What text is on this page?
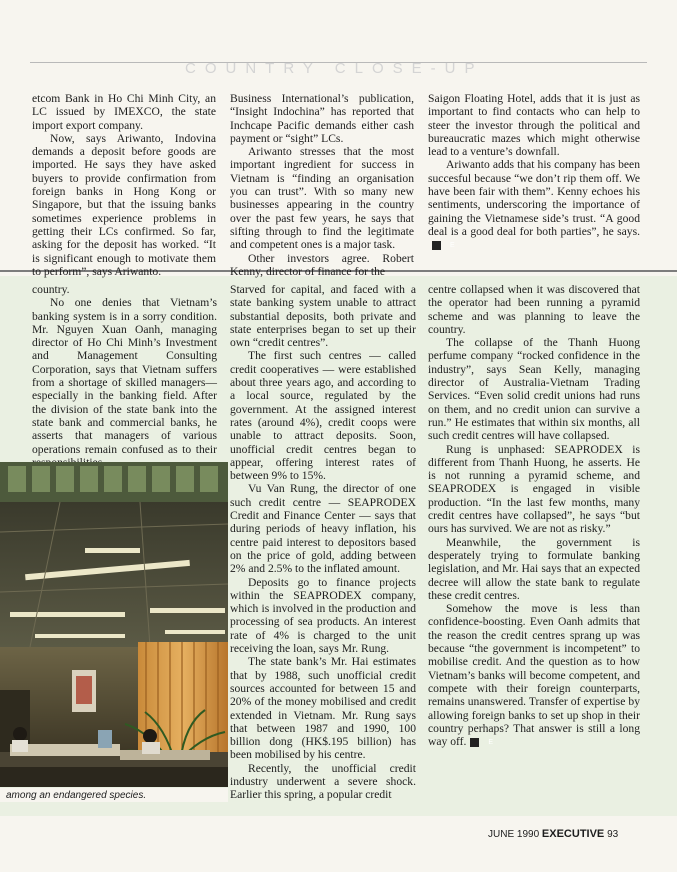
COUNTRY CLOSE-UP

etcom Bank in Ho Chi Minh City, an LC issued by IMEXCO, the state import export company.

Now, says Ariwanto, Indovina demands a deposit before goods are imported. He says they have asked buyers to provide confirmation from foreign banks in Hong Kong or Singapore, but that the issuing banks sometimes experience problems in getting their LCs confirmed. So far, asking for the deposit has worked. “It is significant enough to motivate them to perform”, says Ariwanto.

Business International’s publication, “Insight Indochina” has reported that Inchcape Pacific demands either cash payment or “sight” LCs.

Ariwanto stresses that the most important ingredient for success in Vietnam is “finding an organisation you can trust”. With so many new businesses appearing in the country over the past few years, he says that sifting through to find the legitimate and competent ones is a major task.

Other investors agree. Robert Kenny, director of finance for the

Saigon Floating Hotel, adds that it is just as important to find contacts who can help to steer the investor through the political and bureaucratic mazes which might otherwise lead to a venture’s downfall.

Ariwanto adds that his company has been succesful because “we don’t rip them off. We have been fair with them”. Kenny echoes his sentiments, underscoring the importance of gaining the Vietnamese side’s trust. “A good deal is a good deal for both parties”, he says.E

country.

No one denies that Vietnam’s banking system is in a sorry condition. Mr. Nguyen Xuan Oanh, managing director of Ho Chi Minh’s Investment and Management Consulting Corporation, says that Vietnam suffers from a shortage of skilled managers—especially in the banking field. After the division of the state bank into the state bank and commercial banks, he asserts that managers of various operations remain confused as to their

Starved for capital, and faced with a state banking system unable to attract substantial deposits, both private and state enterprises began to set up their own “credit centres”.

The first such centres — called credit cooperatives — were established about three years ago, and according to a local source, regulated by the government. At the assigned interest rates (around 4%), credit coops were unable to attract deposits. Soon, unofficial credit centres began to appear, offering interest rates of between 9% to 15%.

Vu Van Rung, the director of one such credit centre — SEAPRODEX Credit and Finance Center — says that during periods of heavy inflation, his centre paid interest to depositors based on the price of gold, adding between 2% and 2.5% to the inflated amount.

Deposits go to finance projects within the SEAPRODEX company, which is involved in the production and processing of sea products. An interest rate of 4% is charged to the unit receiving the loan, says Mr. Rung.

The state bank’s Mr. Hai estimates that by 1988, such unofficial credit sources accounted for between 15 and 20% of the money mobilised and credit extended in Vietnam. Mr. Rung says that between 1987 and 1990, 100 billion dong (HK$.195 billion) has been mobilised by his centre.

Recently, the unofficial credit industry underwent a severe shock. Earlier this spring, a popular credit

centre collapsed when it was discovered that the operator had been running a pyramid scheme and was planning to leave the country.

The collapse of the Thanh Huong perfume company “rocked confidence in the industry”, says Sean Kelly, managing director of Australia-Vietnam Trading Services. “Even solid credit unions had runs on them, and no credit union can survive a run.” He estimates that within six months, all such credit centres will have collapsed.

Rung is unphased: SEAPRODEX is different from Thanh Huong, he asserts. He is not running a pyramid scheme, and SEAPRODEX is engaged in visible production. “In the last few months, many credit centres have collapsed”, he says “but ours has survived. We are not as risky.”

Meanwhile, the government is desperately trying to formulate banking legislation, and Mr. Hai says that an expected decree will allow the state bank to regulate these credit centres.

Somehow the move is less than confidence-boosting. Even Oanh admits that the reason the credit centres sprang up was because “the government is incompetent” to mobilise credit. And the question as to how Vietnam’s banks will become competent, and compete with their foreign counterparts, remains unanswered. Transfer of expertise by allowing foreign banks to set up shop in their country perhaps? That answer is still a long way off.	E

among an endangered species.
JUNE 1990 EXECUTIVE 93
